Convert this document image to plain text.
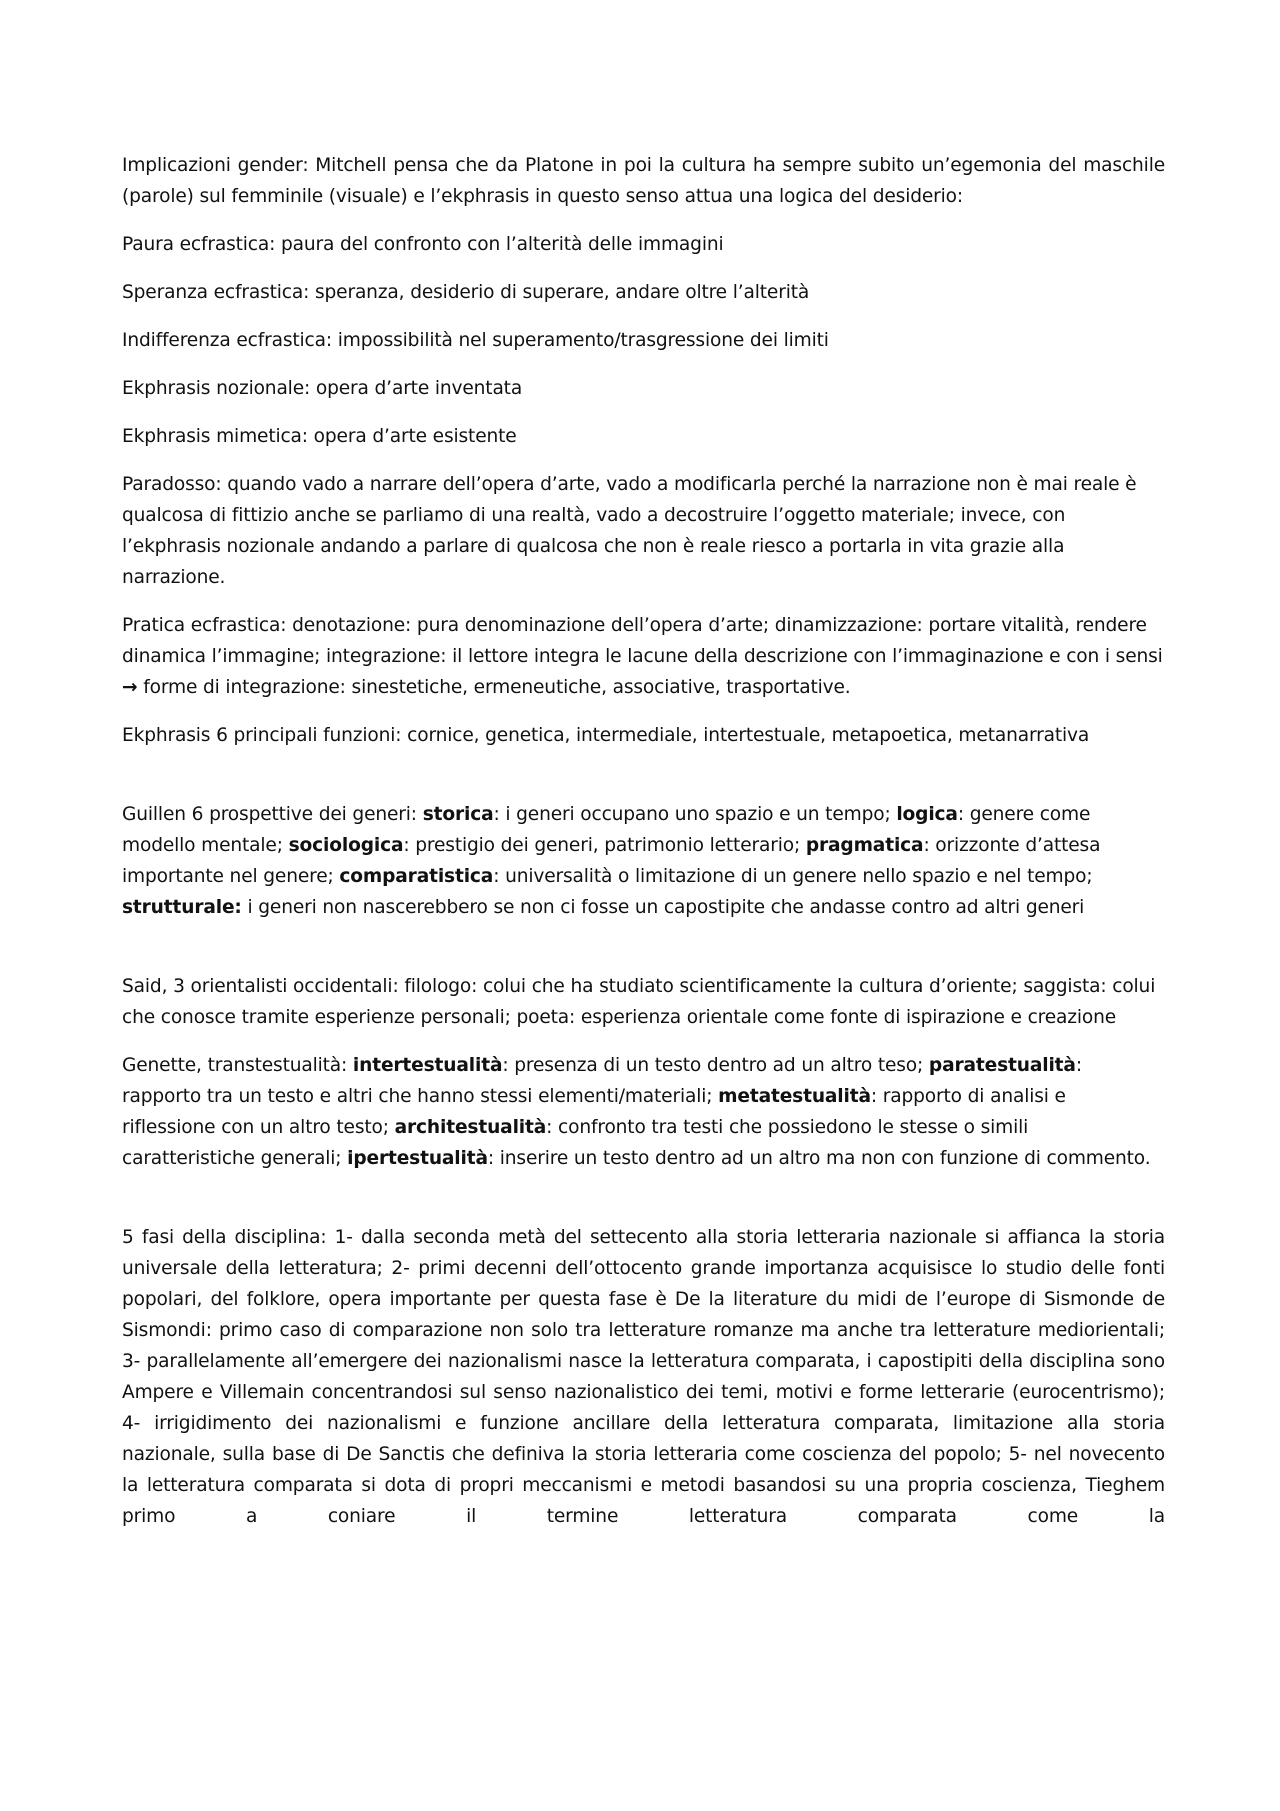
Implicazioni gender: Mitchell pensa che da Platone in poi la cultura ha sempre subito un’egemonia del maschile (parole) sul femminile (visuale) e l’ekphrasis in questo senso attua una logica del desiderio:

Paura ecfrastica: paura del confronto con l’alterità delle immagini

Speranza ecfrastica: speranza, desiderio di superare, andare oltre l’alterità

Indifferenza ecfrastica: impossibilità nel superamento/trasgressione dei limiti

Ekphrasis nozionale: opera d’arte inventata

Ekphrasis mimetica: opera d’arte esistente

Paradosso: quando vado a narrare dell’opera d’arte, vado a modificarla perché la narrazione non è mai reale è qualcosa di fittizio anche se parliamo di una realtà, vado a decostruire l’oggetto materiale; invece, con l’ekphrasis nozionale andando a parlare di qualcosa che non è reale riesco a portarla in vita grazie alla narrazione.

Pratica ecfrastica: denotazione: pura denominazione dell’opera d’arte; dinamizzazione: portare vitalità, rendere dinamica l’immagine; integrazione: il lettore integra le lacune della descrizione con l’immaginazione e con i sensi → forme di integrazione: sinestetiche, ermeneutiche, associative, trasportative.

Ekphrasis 6 principali funzioni: cornice, genetica, intermediale, intertestuale, metapoetica, metanarrativa

Guillen 6 prospettive dei generi: storica: i generi occupano uno spazio e un tempo; logica: genere come modello mentale; sociologica: prestigio dei generi, patrimonio letterario; pragmatica: orizzonte d’attesa importante nel genere; comparatistica: universalità o limitazione di un genere nello spazio e nel tempo; strutturale: i generi non nascerebbero se non ci fosse un capostipite che andasse contro ad altri generi

Said, 3 orientalisti occidentali: filologo: colui che ha studiato scientificamente la cultura d’oriente; saggista: colui che conosce tramite esperienze personali; poeta: esperienza orientale come fonte di ispirazione e creazione

Genette, transtestualità: intertestualità: presenza di un testo dentro ad un altro teso; paratestualità: rapporto tra un testo e altri che hanno stessi elementi/materiali; metatestualità: rapporto di analisi e riflessione con un altro testo; architestualità: confronto tra testi che possiedono le stesse o simili caratteristiche generali; ipertestualità: inserire un testo dentro ad un altro ma non con funzione di commento.

5 fasi della disciplina: 1- dalla seconda metà del settecento alla storia letteraria nazionale si affianca la storia universale della letteratura; 2- primi decenni dell’ottocento grande importanza acquisisce lo studio delle fonti popolari, del folklore, opera importante per questa fase è De la literature du midi de l’europe di Sismonde de Sismondi: primo caso di comparazione non solo tra letterature romanze ma anche tra letterature mediorientali; 3- parallelamente all’emergere dei nazionalismi nasce la letteratura comparata, i capostipiti della disciplina sono Ampere e Villemain concentrandosi sul senso nazionalistico dei temi, motivi e forme letterarie (eurocentrismo); 4- irrigidimento dei nazionalismi e funzione ancillare della letteratura comparata, limitazione alla storia nazionale, sulla base di De Sanctis che definiva la storia letteraria come coscienza del popolo; 5- nel novecento la letteratura comparata si dota di propri meccanismi e metodi basandosi su una propria coscienza, Tieghem primo a coniare il termine letteratura comparata come la
